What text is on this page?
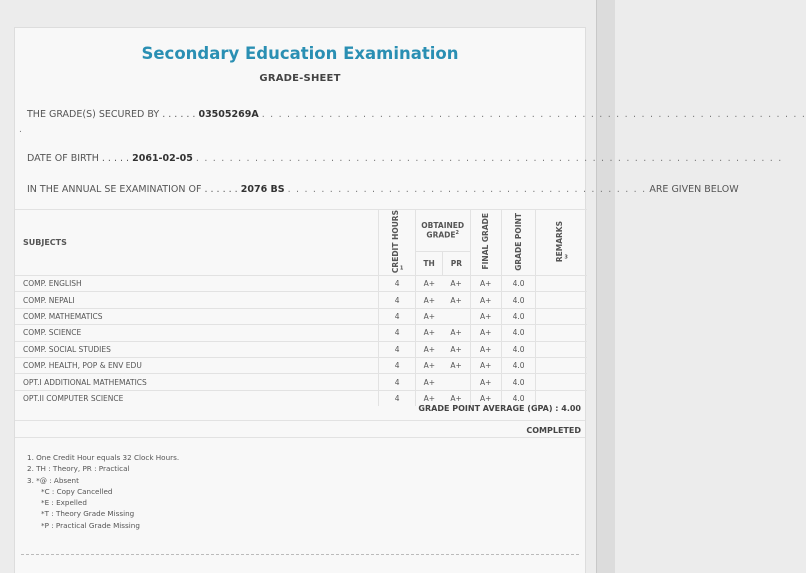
Secondary Education Examination
GRADE-SHEET
THE GRADE(S) SECURED BY . . . . . . 03505269A . . . . . . . . . . . . . . . . . . . . . . . . . . . . . . . . . . . . . . . . . . . . . . . . . . . . . . . . . . . . . . . . .
.
DATE OF BIRTH . . . . . 2061-02-05 . . . . . . . . . . . . . . . . . . . . . . . . . . . . . . . . . . . . . . . . . . . . . . . . . . . . . . . . . . . . . . . . . . . . . .
IN THE ANNUAL SE EXAMINATION OF . . . . . . 2076 BS . . . . . . . . . . . . . . . . . . . . . . . . . . . . . . . . . . . . . . . . . . . ARE GIVEN BELOW
SUBJECTS	CREDIT HOURS$^1$	OBTAINED GRADE$^2$		FINAL GRADE	GRADE POINT	REMARKS$^3$
		TH	PR			
COMP. ENGLISH	4	A+	A+	A+	4.0	
COMP. NEPALI	4	A+	A+	A+	4.0	
COMP. MATHEMATICS	4	A+		A+	4.0	
COMP. SCIENCE	4	A+	A+	A+	4.0	
COMP. SOCIAL STUDIES	4	A+	A+	A+	4.0	
COMP. HEALTH, POP & ENV EDU	4	A+	A+	A+	4.0	
OPT.I ADDITIONAL MATHEMATICS	4	A+		A+	4.0	
OPT.II COMPUTER SCIENCE	4	A+	A+	A+	4.0	
GRADE POINT AVERAGE (GPA) : 4.00
COMPLETED
1. One Credit Hour equals 32 Clock Hours.
2. TH : Theory, PR : Practical
3. *@ : Absent
*C : Copy Cancelled
*E : Expelled
*T : Theory Grade Missing
*P : Practical Grade Missing
